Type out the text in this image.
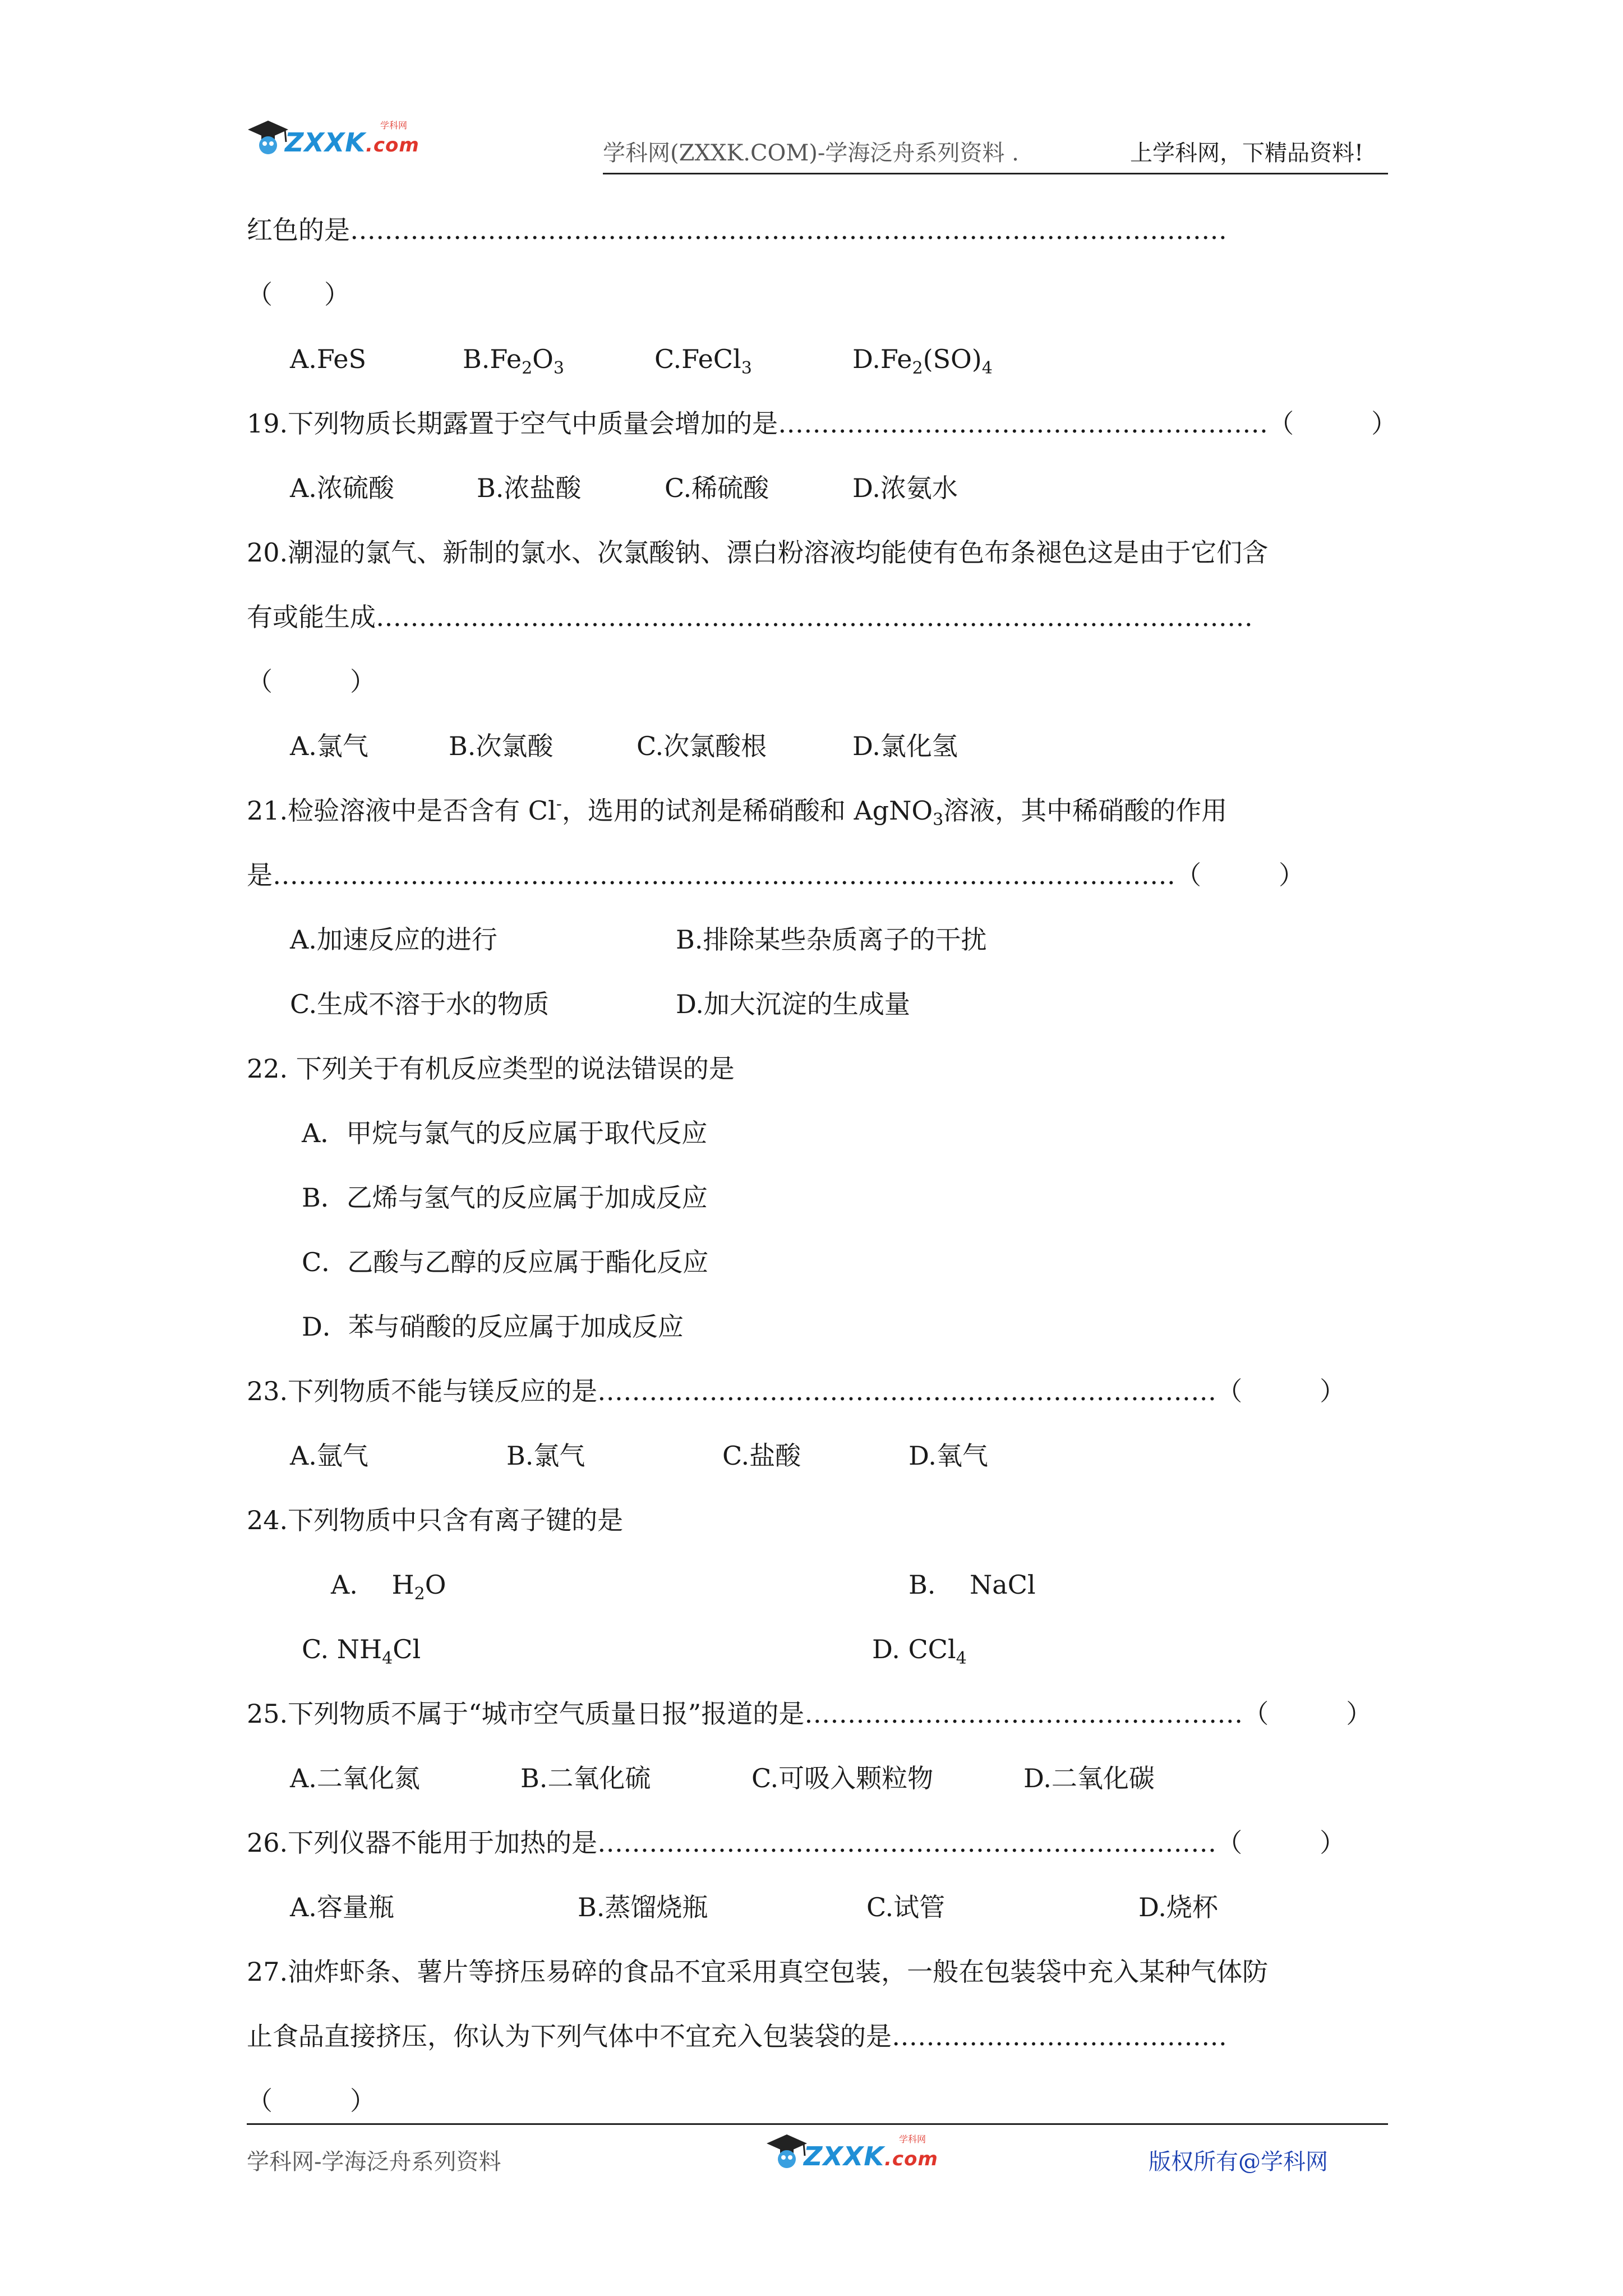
ZXXK.com
学科网
学科网(ZXXK.COM)-学海泛舟系列资料 .	上学科网，下精品资料!
红色的是…………………………………………………………………………………………
（　　）
A.FeS	$B.Fe_2O_3$	C.FeCl$_3$	$D.Fe_2(SO)_4$
19.下列物质长期露置于空气中质量会增加的是…………………………………………………（　　　）
A.浓硫酸	B.浓盐酸	C.稀硫酸	D.浓氨水
20.潮湿的氯气、新制的氯水、次氯酸钠、漂白粉溶液均能使有色布条褪色这是由于它们含
有或能生成…………………………………………………………………………………………
（　　　）
A.氯气	B.次氯酸	C.次氯酸根	D.氯化氢
21.检验溶液中是否含有 Cl-，选用的试剂是稀硝酸和 AgNO$_3$溶液，其中稀硝酸的作用
是……………………………………………………………………………………………（　　　）
A.加速反应的进行	B.排除某些杂质离子的干扰
C.生成不溶于水的物质	D.加大沉淀的生成量
22. 下列关于有机反应类型的说法错误的是
A．甲烷与氯气的反应属于取代反应
B．乙烯与氢气的反应属于加成反应
C．乙酸与乙醇的反应属于酯化反应
D．苯与硝酸的反应属于加成反应
23.下列物质不能与镁反应的是………………………………………………………………（　　　）
A.氩气	B.氯气	C.盐酸	D.氧气
24.下列物质中只含有离子键的是
A.　 $H_2O$	B.　 NaCl
C. $NH_4Cl$	D. CCl$_4$
25.下列物质不属于“城市空气质量日报”报道的是……………………………………………（　　　）
A.二氧化氮	B.二氧化硫	C.可吸入颗粒物	D.二氧化碳
26.下列仪器不能用于加热的是………………………………………………………………（　　　）
A.容量瓶	B.蒸馏烧瓶	C.试管	D.烧杯
27.油炸虾条、薯片等挤压易碎的食品不宜采用真空包装，一般在包装袋中充入某种气体防
止食品直接挤压，你认为下列气体中不宜充入包装袋的是…………………………………
（　　　）
学科网-学海泛舟系列资料	ZXXK.com
学科网
版权所有@学科网
